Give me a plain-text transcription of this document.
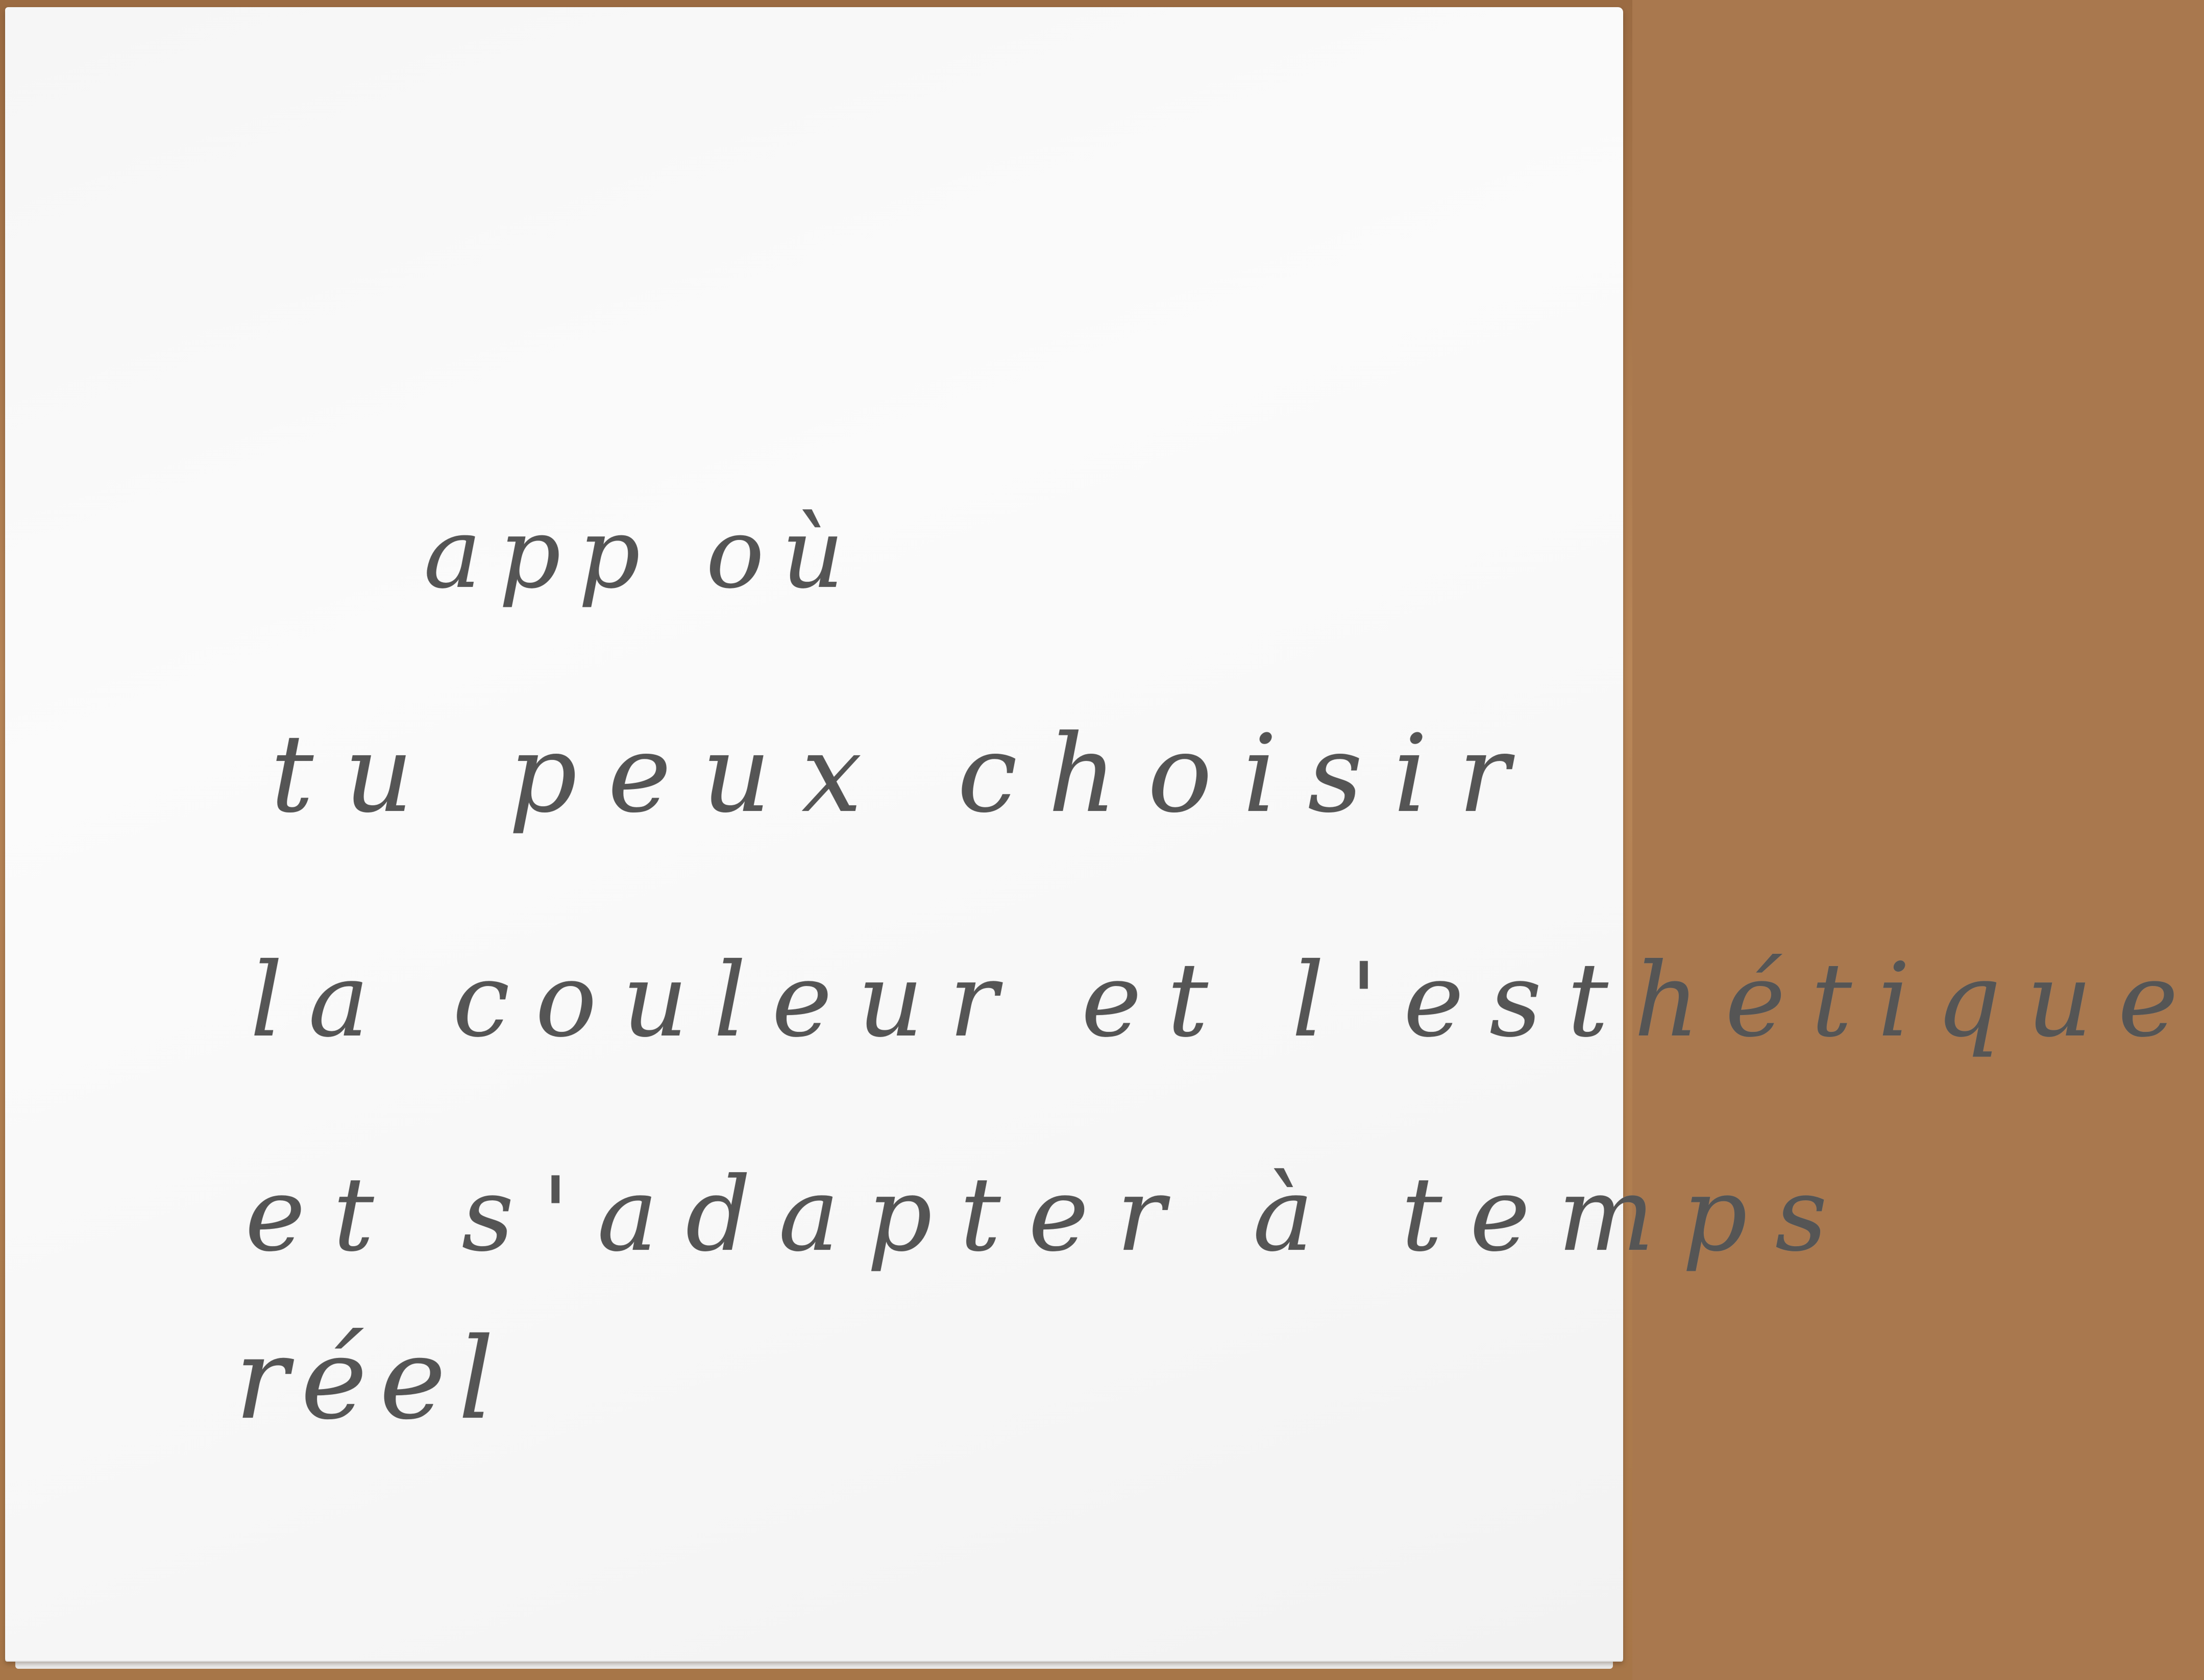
app où
tu peux choisir
la couleur et l'esthétique
et s'adapter à temps
réel
